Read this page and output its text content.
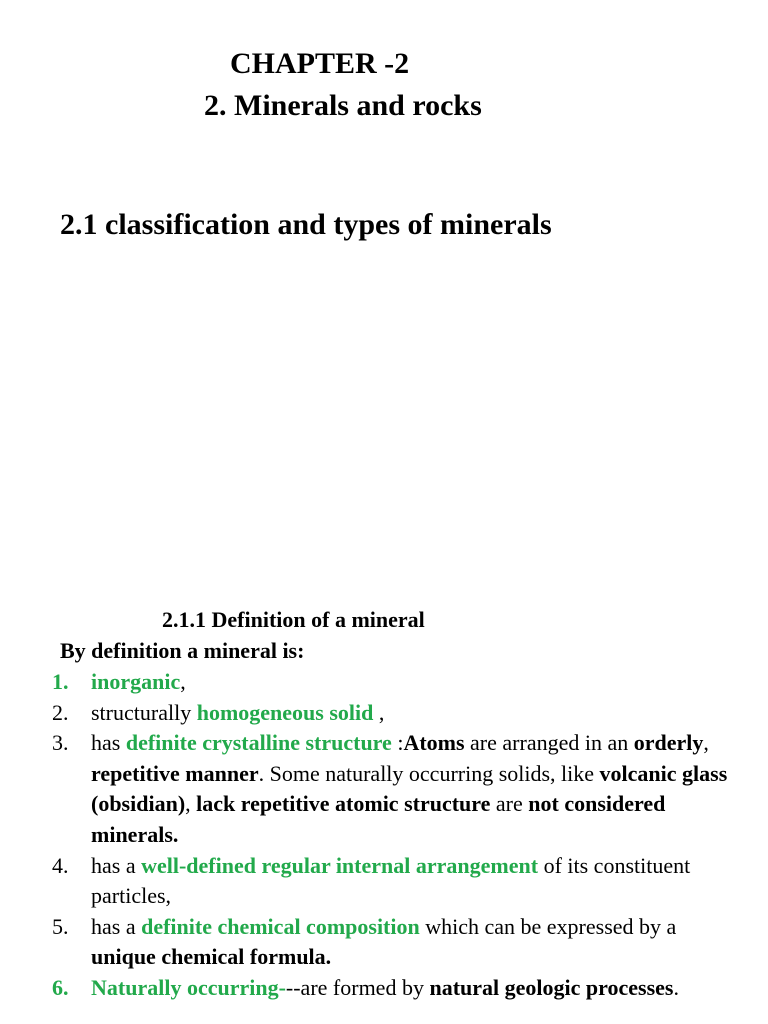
CHAPTER -2
2. Minerals and rocks
2.1 classification and types of minerals
2.1.1 Definition of a mineral

By definition a mineral is:

1. inorganic,
2. structurally homogeneous solid ,
3. has definite crystalline structure :Atoms are arranged in an orderly, repetitive manner. Some naturally occurring solids, like volcanic glass (obsidian), lack repetitive atomic structure are not considered minerals.
4. has a well-defined regular internal arrangement of its constituent particles,
5. has a definite chemical composition which can be expressed by a unique chemical formula.
6. Naturally occurring---are formed by natural geologic processes.
